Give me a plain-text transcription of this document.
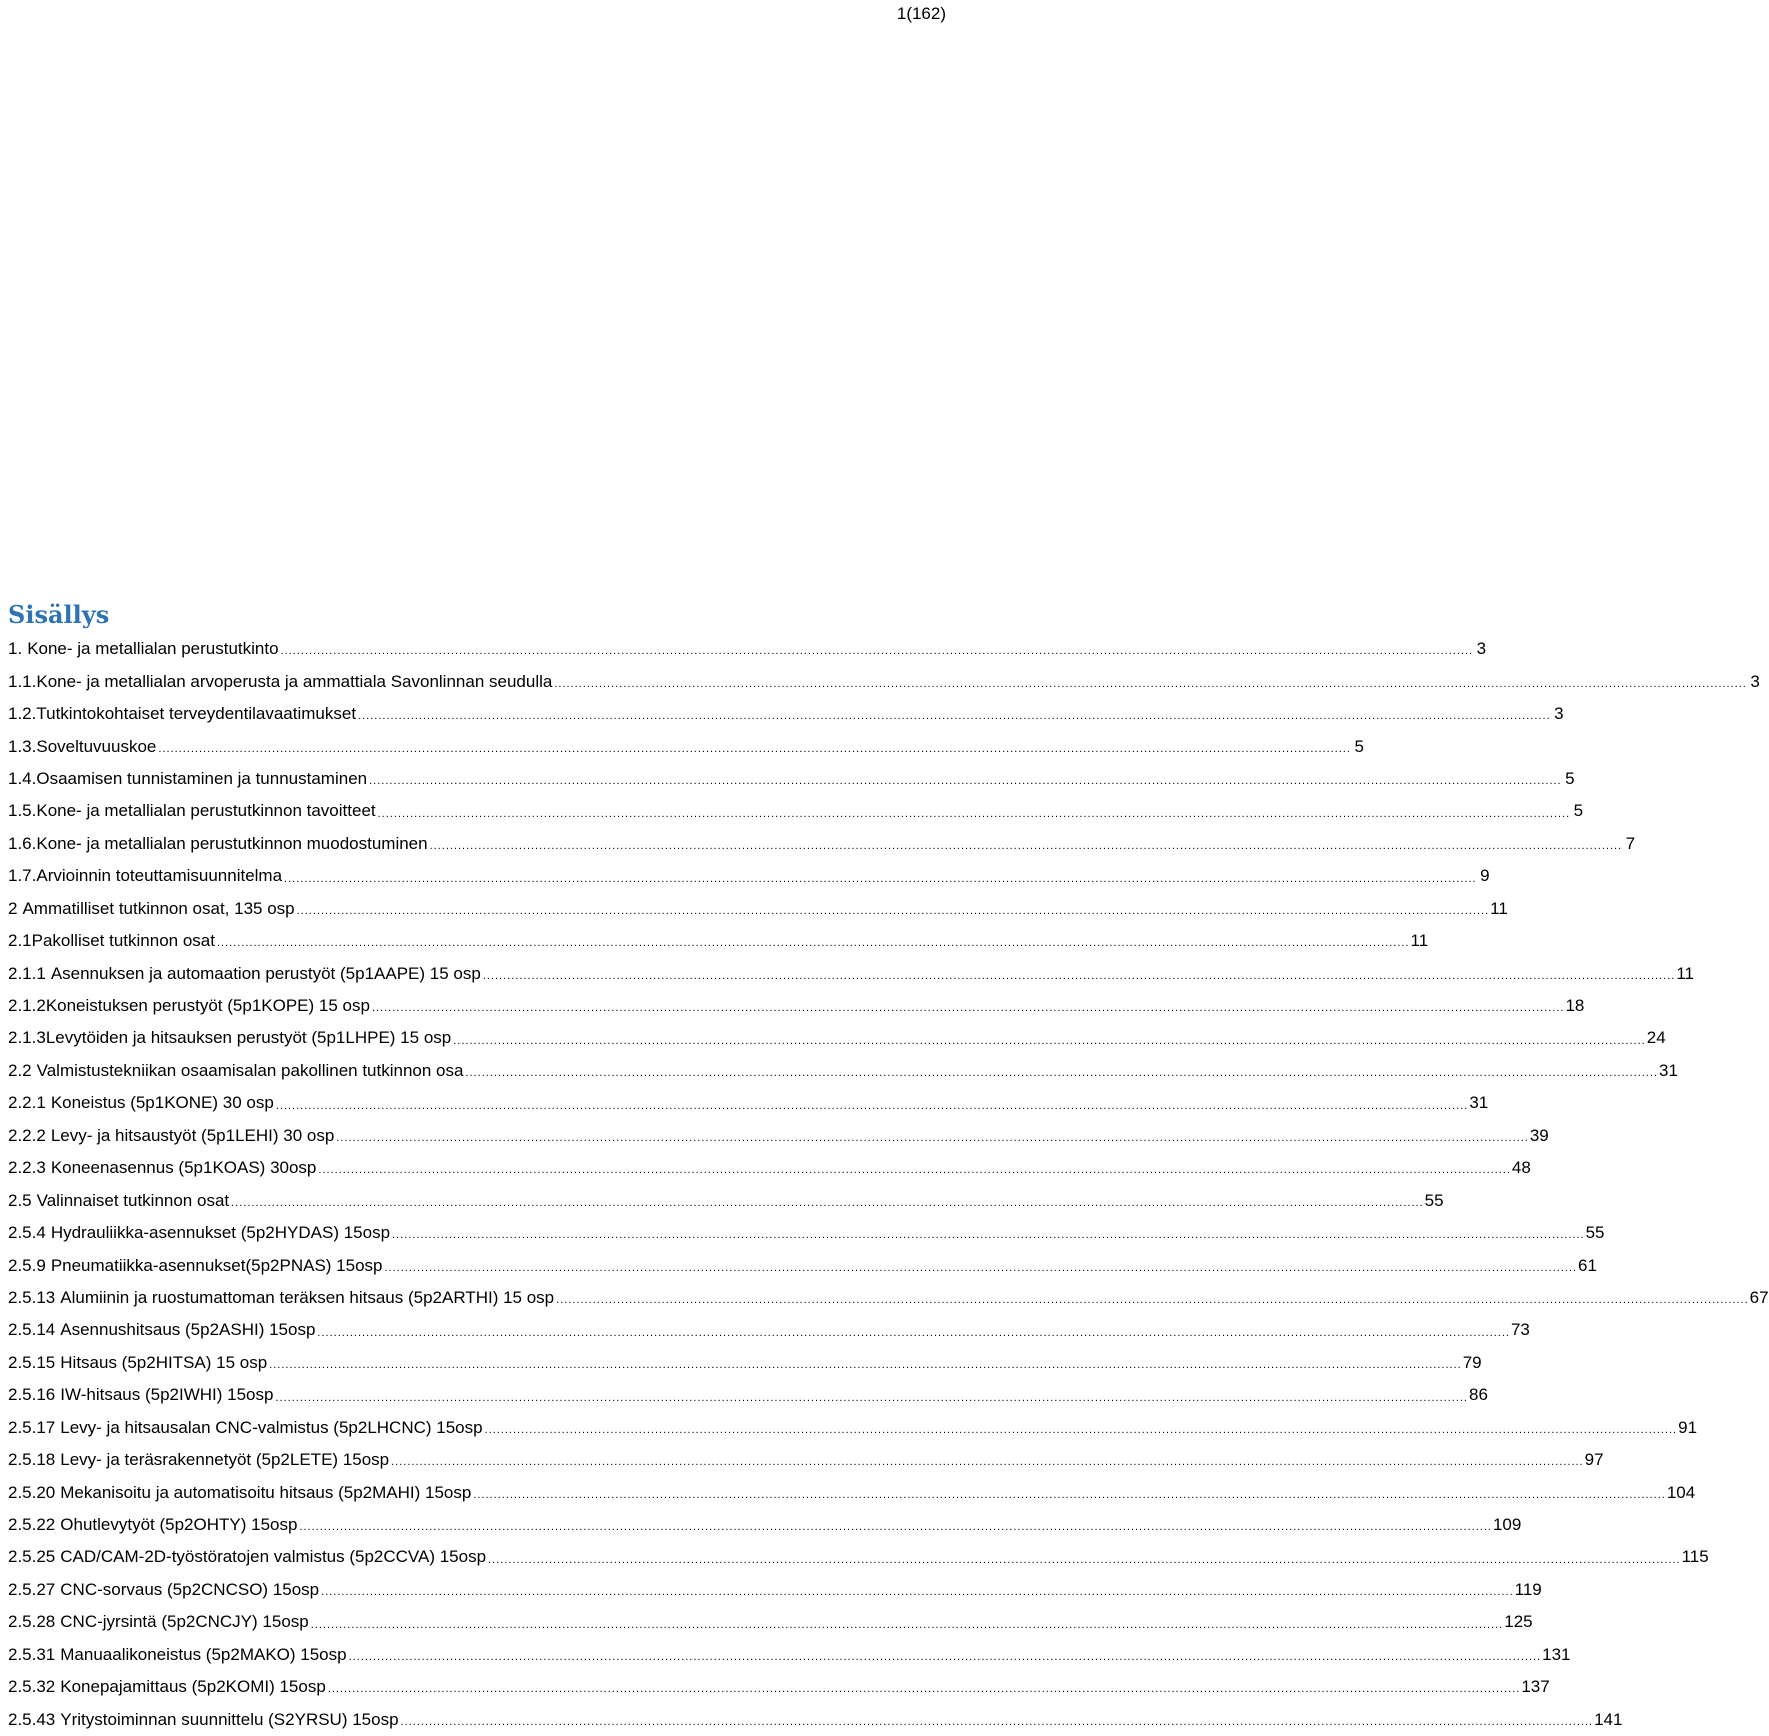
1(162)
Sisällys
1. Kone- ja metallialan perustutkinto .....	3
1.1. Kone- ja metallialan arvoperusta ja ammattiala Savonlinnan seudulla .....	3
1.2. Tutkintokohtaiset terveydentilavaatimukset .....	3
1.3. Soveltuvuuskoe .....	5
1.4. Osaamisen tunnistaminen ja tunnustaminen .....	5
1.5. Kone- ja metallialan perustutkinnon tavoitteet .....	5
1.6. Kone- ja metallialan perustutkinnon muodostuminen .....	7
1.7. Arvioinnin toteuttamisuunnitelma .....	9
2 Ammatilliset tutkinnon osat, 135 osp .....	11
2.1 Pakolliset tutkinnon osat .....	11
2.1.1 Asennuksen ja automaation perustyöt (5p1AAPE) 15 osp .....	11
2.1.2 Koneistuksen perustyöt (5p1KOPE) 15 osp .....	18
2.1.3 Levytöiden ja hitsauksen perustyöt (5p1LHPE) 15 osp .....	24
2.2 Valmistustekniikan osaamisalan pakollinen tutkinnon osa .....	31
2.2.1 Koneistus (5p1KONE) 30 osp .....	31
2.2.2 Levy- ja hitsaustyöt (5p1LEHI) 30 osp .....	39
2.2.3 Koneenasennus (5p1KOAS) 30osp .....	48
2.5 Valinnaiset tutkinnon osat .....	55
2.5.4 Hydrauliikka-asennukset (5p2HYDAS) 15osp .....	55
2.5.9 Pneumatiikka-asennukset(5p2PNAS) 15osp .....	61
2.5.13 Alumiinin ja ruostumattoman teräksen hitsaus (5p2ARTHI) 15 osp .....	67
2.5.14 Asennushitsaus (5p2ASHI) 15osp .....	73
2.5.15 Hitsaus (5p2HITSA) 15 osp .....	79
2.5.16 IW-hitsaus (5p2IWHI) 15osp .....	86
2.5.17 Levy- ja hitsausalan CNC-valmistus (5p2LHCNC) 15osp .....	91
2.5.18 Levy- ja teräsrakennetyöt (5p2LETE) 15osp .....	97
2.5.20 Mekanisoitu ja automatisoitu hitsaus (5p2MAHI) 15osp .....	104
2.5.22 Ohutlevytyöt (5p2OHTY) 15osp .....	109
2.5.25 CAD/CAM-2D-työstöratojen valmistus (5p2CCVA) 15osp .....	115
2.5.27 CNC-sorvaus (5p2CNCSO) 15osp .....	119
2.5.28 CNC-jyrsintä (5p2CNCJY) 15osp .....	125
2.5.31 Manuaalikoneistus (5p2MAKO) 15osp .....	131
2.5.32 Konepajamittaus (5p2KOMI) 15osp .....	137
2.5.43 Yritystoiminnan suunnittelu (S2YRSU) 15osp .....	141
